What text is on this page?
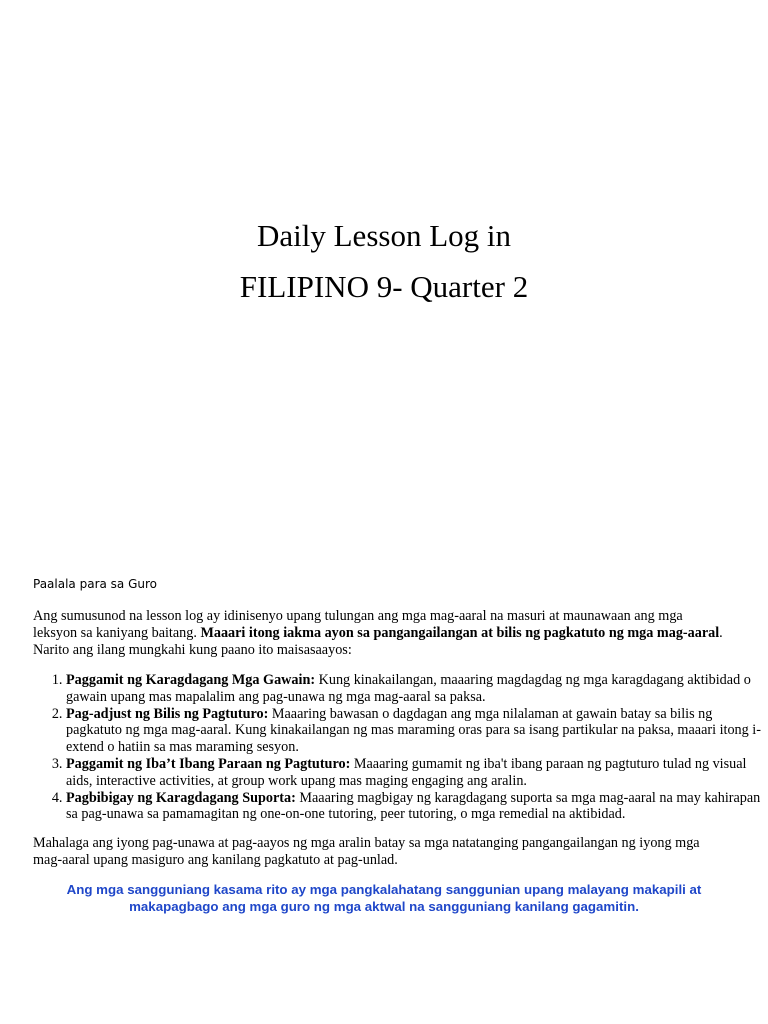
Daily Lesson Log in
FILIPINO 9- Quarter 2
Paalala para sa Guro

Ang sumusunod na lesson log ay idinisenyo upang tulungan ang mga mag-aaral na masuri at maunawaan ang mga leksyon sa kaniyang baitang. Maaari itong iakma ayon sa pangangailangan at bilis ng pagkatuto ng mga mag-aaral. Narito ang ilang mungkahi kung paano ito maisasaayos:

1. Paggamit ng Karagdagang Mga Gawain: Kung kinakailangan, maaaring magdagdag ng mga karagdagang aktibidad o gawain upang mas mapalalim ang pag-unawa ng mga mag-aaral sa paksa.
2. Pag-adjust ng Bilis ng Pagtuturo: Maaaring bawasan o dagdagan ang mga nilalaman at gawain batay sa bilis ng pagkatuto ng mga mag-aaral. Kung kinakailangan ng mas maraming oras para sa isang partikular na paksa, maaari itong i-extend o hatiin sa mas maraming sesyon.
3. Paggamit ng Iba’t Ibang Paraan ng Pagtuturo: Maaaring gumamit ng iba't ibang paraan ng pagtuturo tulad ng visual aids, interactive activities, at group work upang mas maging engaging ang aralin.
4. Pagbibigay ng Karagdagang Suporta: Maaaring magbigay ng karagdagang suporta sa mga mag-aaral na may kahirapan sa pag-unawa sa pamamagitan ng one-on-one tutoring, peer tutoring, o mga remedial na aktibidad.

Mahalaga ang iyong pag-unawa at pag-aayos ng mga aralin batay sa mga natatanging pangangailangan ng iyong mga mag-aaral upang masiguro ang kanilang pagkatuto at pag-unlad.

Ang mga sangguniang kasama rito ay mga pangkalahatang sanggunian upang malayang makapili at makapagbago ang mga guro ng mga aktwal na sangguniang kanilang gagamitin.
